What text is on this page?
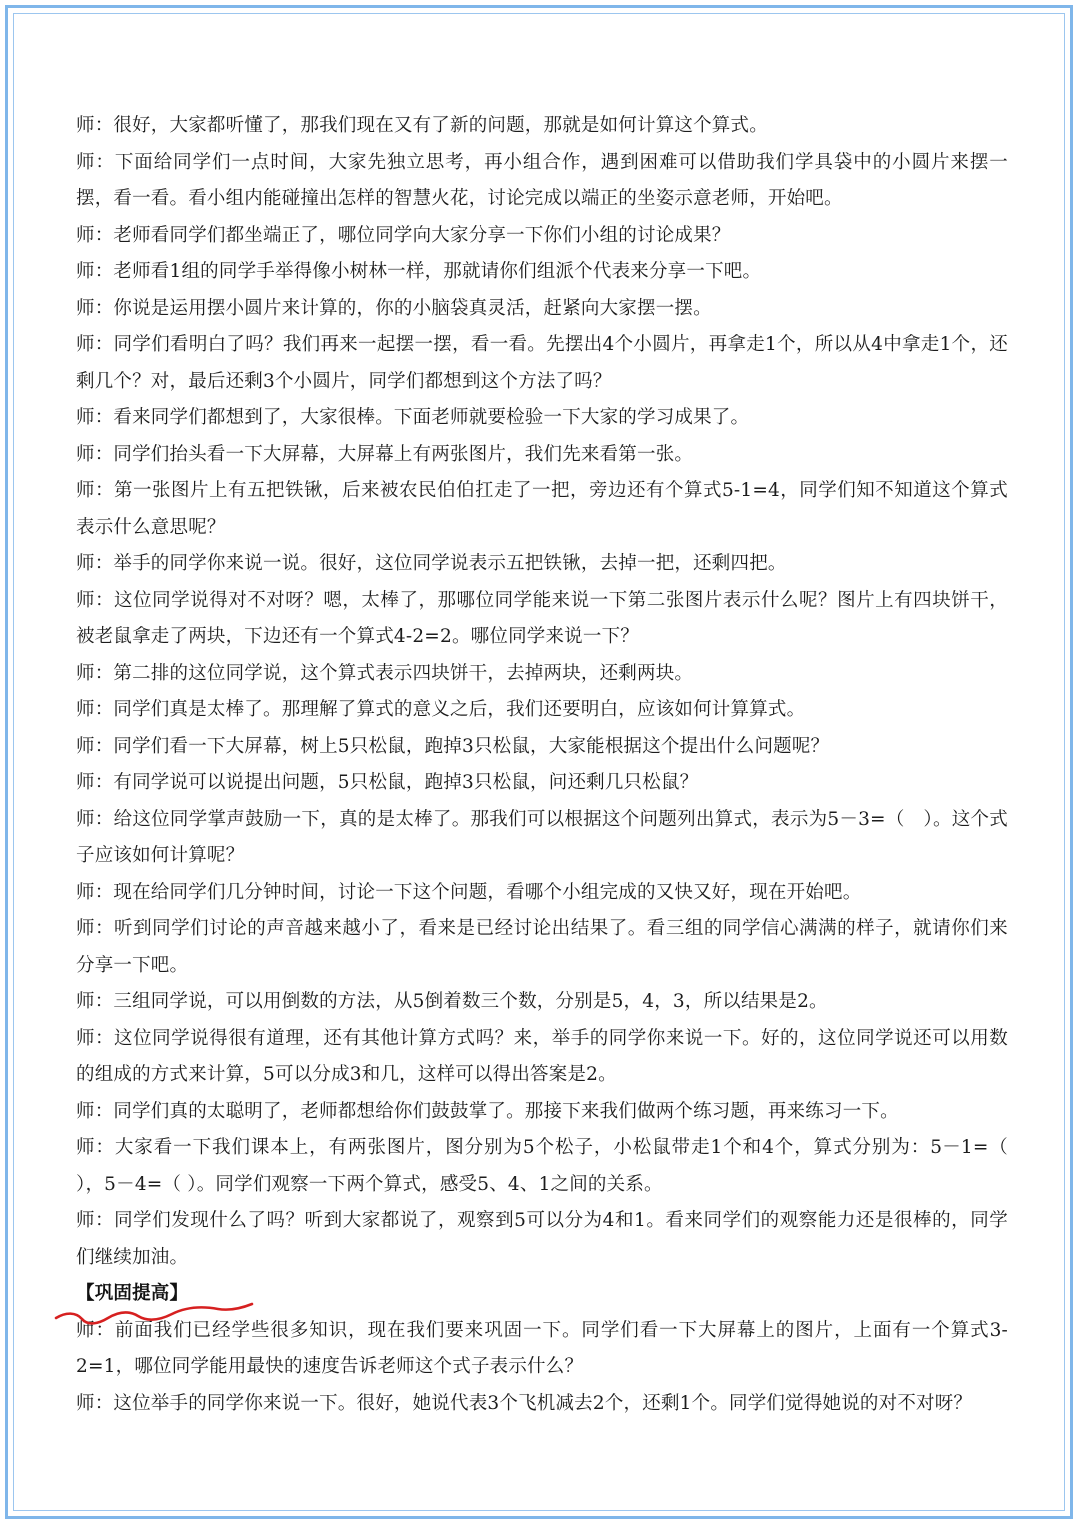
师：很好，大家都听懂了，那我们现在又有了新的问题，那就是如何计算这个算式。

师：下面给同学们一点时间，大家先独立思考，再小组合作，遇到困难可以借助我们学具袋中的小圆片来摆一摆，看一看。看小组内能碰撞出怎样的智慧火花，讨论完成以端正的坐姿示意老师，开始吧。

师：老师看同学们都坐端正了，哪位同学向大家分享一下你们小组的讨论成果？

师：老师看1组的同学手举得像小树林一样，那就请你们组派个代表来分享一下吧。

师：你说是运用摆小圆片来计算的，你的小脑袋真灵活，赶紧向大家摆一摆。

师：同学们看明白了吗？我们再来一起摆一摆，看一看。先摆出4个小圆片，再拿走1个，所以从4中拿走1个，还剩几个？对，最后还剩3个小圆片，同学们都想到这个方法了吗？

师：看来同学们都想到了，大家很棒。下面老师就要检验一下大家的学习成果了。

师：同学们抬头看一下大屏幕，大屏幕上有两张图片，我们先来看第一张。

师：第一张图片上有五把铁锹，后来被农民伯伯扛走了一把，旁边还有个算式5-1=4，同学们知不知道这个算式表示什么意思呢？

师：举手的同学你来说一说。很好，这位同学说表示五把铁锹，去掉一把，还剩四把。

师：这位同学说得对不对呀？嗯，太棒了，那哪位同学能来说一下第二张图片表示什么呢？图片上有四块饼干，被老鼠拿走了两块，下边还有一个算式4-2=2。哪位同学来说一下？

师：第二排的这位同学说，这个算式表示四块饼干，去掉两块，还剩两块。

师：同学们真是太棒了。那理解了算式的意义之后，我们还要明白，应该如何计算算式。

师：同学们看一下大屏幕，树上5只松鼠，跑掉3只松鼠，大家能根据这个提出什么问题呢？

师：有同学说可以说提出问题，5只松鼠，跑掉3只松鼠，问还剩几只松鼠？

师：给这位同学掌声鼓励一下，真的是太棒了。那我们可以根据这个问题列出算式，表示为5－3=（　）。这个式子应该如何计算呢？

师：现在给同学们几分钟时间，讨论一下这个问题，看哪个小组完成的又快又好，现在开始吧。

师：听到同学们讨论的声音越来越小了，看来是已经讨论出结果了。看三组的同学信心满满的样子，就请你们来分享一下吧。

师：三组同学说，可以用倒数的方法，从5倒着数三个数，分别是5，4，3，所以结果是2。

师：这位同学说得很有道理，还有其他计算方式吗？来，举手的同学你来说一下。好的，这位同学说还可以用数的组成的方式来计算，5可以分成3和几，这样可以得出答案是2。

师：同学们真的太聪明了，老师都想给你们鼓鼓掌了。那接下来我们做两个练习题，再来练习一下。

师：大家看一下我们课本上，有两张图片，图分别为5个松子，小松鼠带走1个和4个，算式分别为：5－1=（ ），5－4=（ ）。同学们观察一下两个算式，感受5、4、1之间的关系。

师：同学们发现什么了吗？听到大家都说了，观察到5可以分为4和1。看来同学们的观察能力还是很棒的，同学们继续加油。

【巩固提高】

师：前面我们已经学些很多知识，现在我们要来巩固一下。同学们看一下大屏幕上的图片，上面有一个算式3-2=1，哪位同学能用最快的速度告诉老师这个式子表示什么？

师：这位举手的同学你来说一下。很好，她说代表3个飞机减去2个，还剩1个。同学们觉得她说的对不对呀？
